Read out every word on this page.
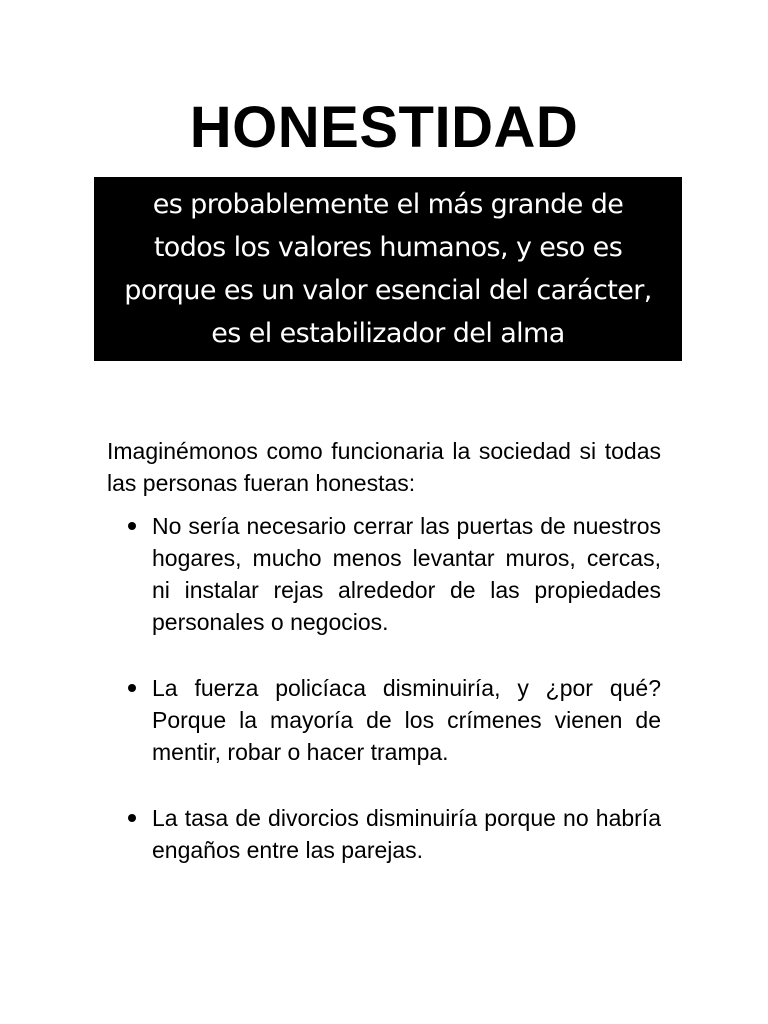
HONESTIDAD
es probablemente el más grande de
todos los valores humanos, y eso es
porque es un valor esencial del carácter,
es el estabilizador del alma

Imaginémonos como funcionaria la sociedad si todas las personas fueran honestas:

No sería necesario cerrar las puertas de nuestros hogares, mucho menos levantar muros, cercas, ni instalar rejas alrededor de las propiedades personales o negocios.
La fuerza policíaca disminuiría, y ¿por qué? Porque la mayoría de los crímenes vienen de mentir, robar o hacer trampa.
La tasa de divorcios disminuiría porque no habría engaños entre las parejas.
